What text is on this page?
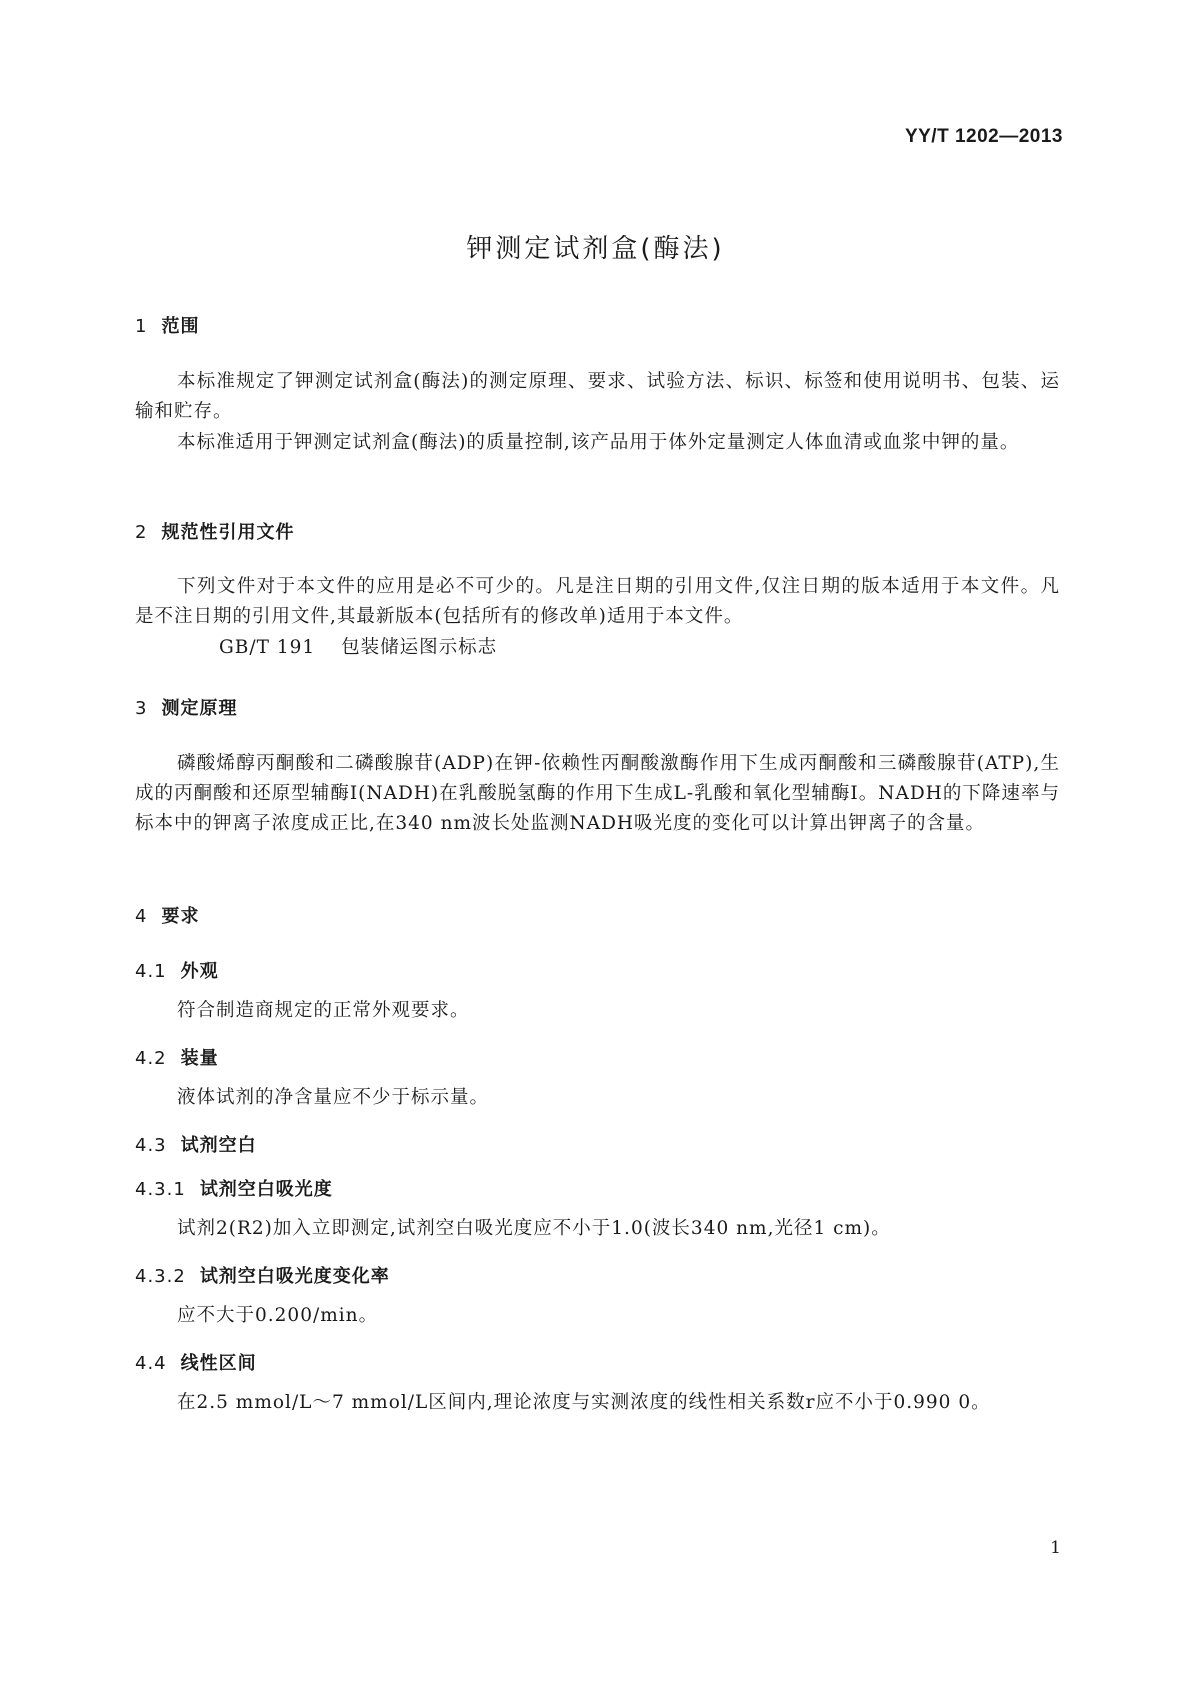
YY/T 1202—2013
钾测定试剂盒(酶法)
1 范围
本标准规定了钾测定试剂盒(酶法)的测定原理、要求、试验方法、标识、标签和使用说明书、包装、运输和贮存。
本标准适用于钾测定试剂盒(酶法)的质量控制,该产品用于体外定量测定人体血清或血浆中钾的量。
2 规范性引用文件
下列文件对于本文件的应用是必不可少的。凡是注日期的引用文件,仅注日期的版本适用于本文件。凡是不注日期的引用文件,其最新版本(包括所有的修改单)适用于本文件。
GB/T 191 包装储运图示标志
3 测定原理
磷酸烯醇丙酮酸和二磷酸腺苷(ADP)在钾-依赖性丙酮酸激酶作用下生成丙酮酸和三磷酸腺苷(ATP),生成的丙酮酸和还原型辅酶I(NADH)在乳酸脱氢酶的作用下生成L-乳酸和氧化型辅酶Ⅰ。NADH的下降速率与标本中的钾离子浓度成正比,在340 nm波长处监测NADH吸光度的变化可以计算出钾离子的含量。
4 要求
4.1 外观
符合制造商规定的正常外观要求。
4.2 装量
液体试剂的净含量应不少于标示量。
4.3 试剂空白
4.3.1 试剂空白吸光度
试剂2(R2)加入立即测定,试剂空白吸光度应不小于1.0(波长340 nm,光径1 cm)。
4.3.2 试剂空白吸光度变化率
应不大于0.200/min。
4.4 线性区间
在2.5 mmol/L～7 mmol/L区间内,理论浓度与实测浓度的线性相关系数r应不小于0.990 0。
1
